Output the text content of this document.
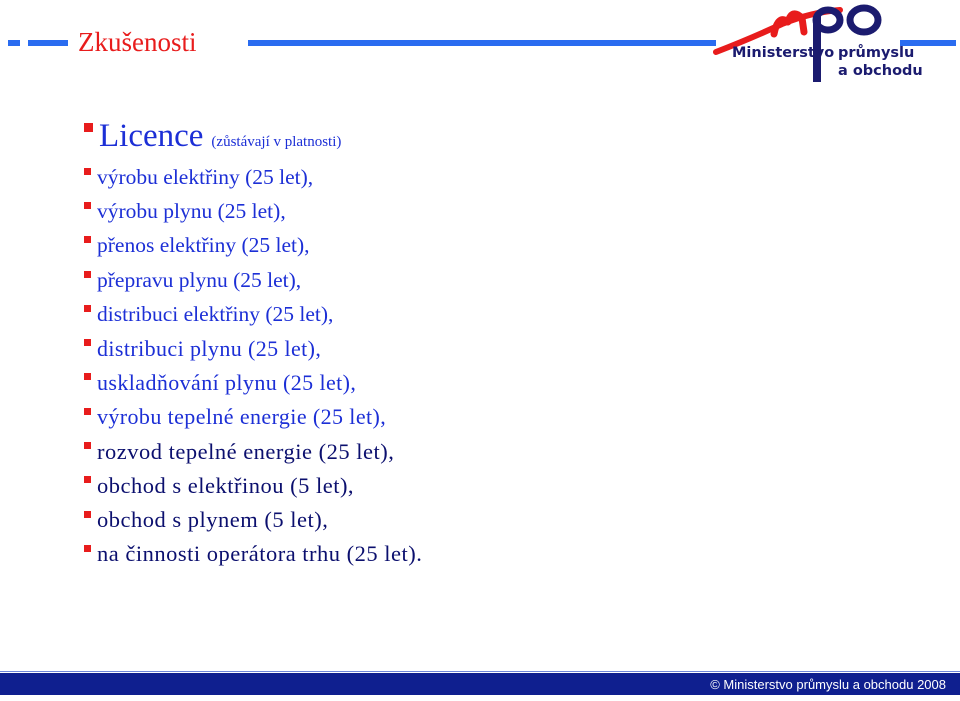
Zkušenosti	Ministerstvo průmyslu
a obchodu
Licence (zůstávají v platnosti)
výrobu elektřiny (25 let),
výrobu plynu (25 let),
přenos elektřiny (25 let),
přepravu plynu (25 let),
distribuci elektřiny (25 let),
distribuci plynu (25 let),
uskladňování plynu (25 let),
výrobu tepelné energie (25 let),
rozvod tepelné energie (25 let),
obchod s elektřinou (5 let),
obchod s plynem (5 let),
na činnosti operátora trhu (25 let).
© Ministerstvo průmyslu a obchodu 2008
